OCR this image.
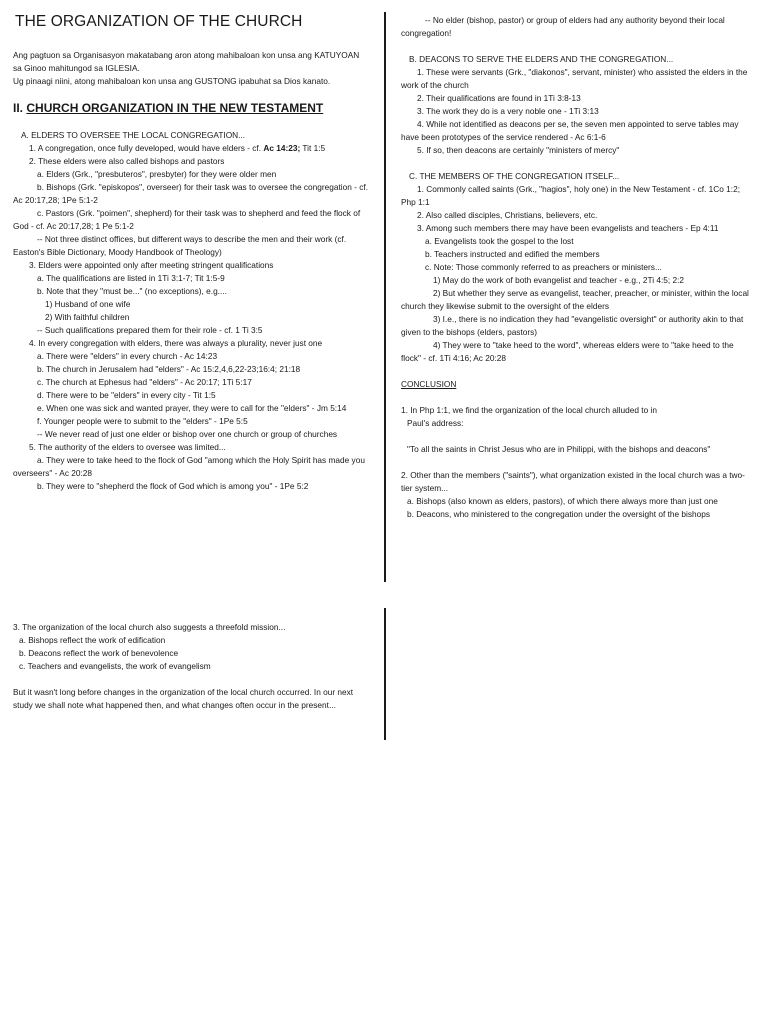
THE ORGANIZATION OF THE CHURCH

Ang pagtuon sa Organisasyon makatabang aron atong mahibaloan kon unsa ang KATUYOAN sa Ginoo mahitungod sa IGLESIA.

Ug pinaagi niini, atong mahibaloan kon unsa ang GUSTONG ipabuhat sa Dios kanato.

II. CHURCH ORGANIZATION IN THE NEW TESTAMENT
A. ELDERS TO OVERSEE THE LOCAL CONGREGATION...
1. A congregation, once fully developed, would have elders - cf. Ac 14:23; Tit 1:5
2. These elders were also called bishops and pastors
a. Elders (Grk., "presbuteros", presbyter) for they were older men
b. Bishops (Grk. "episkopos", overseer) for their task was to oversee the congregation - cf. Ac 20:17,28; 1Pe 5:1-2
c. Pastors (Grk. "poimen", shepherd) for their task was to shepherd and feed the flock of God - cf. Ac 20:17,28; 1 Pe 5:1-2
-- Not three distinct offices, but different ways to describe the men and their work (cf. Easton's Bible Dictionary, Moody Handbook of Theology)
3. Elders were appointed only after meeting stringent qualifications
a. The qualifications are listed in 1Ti 3:1-7; Tit 1:5-9
b. Note that they "must be..." (no exceptions), e.g....
1) Husband of one wife
2) With faithful children
-- Such qualifications prepared them for their role - cf. 1 Ti 3:5
4. In every congregation with elders, there was always a plurality, never just one
a. There were "elders" in every church - Ac 14:23
b. The church in Jerusalem had "elders" - Ac 15:2,4,6,22-23;16:4; 21:18
c. The church at Ephesus had "elders" - Ac 20:17; 1Ti 5:17
d. There were to be "elders" in every city - Tit 1:5
e. When one was sick and wanted prayer, they were to call for the "elders" - Jm 5:14
f. Younger people were to submit to the "elders" - 1Pe 5:5
-- We never read of just one elder or bishop over one church or group of churches
5. The authority of the elders to oversee was limited...
a. They were to take heed to the flock of God "among which the Holy Spirit has made you overseers" - Ac 20:28
b. They were to "shepherd the flock of God which is among you" - 1Pe 5:2
-- No elder (bishop, pastor) or group of elders had any authority beyond their local congregation!
B. DEACONS TO SERVE THE ELDERS AND THE CONGREGATION...
1. These were servants (Grk., "diakonos", servant, minister) who assisted the elders in the work of the church
2. Their qualifications are found in 1Ti 3:8-13
3. The work they do is a very noble one - 1Ti 3:13
4. While not identified as deacons per se, the seven men appointed to serve tables may have been prototypes of the service rendered - Ac 6:1-6
5. If so, then deacons are certainly "ministers of mercy"
C. THE MEMBERS OF THE CONGREGATION ITSELF...
1. Commonly called saints (Grk., "hagios", holy one) in the New Testament - cf. 1Co 1:2; Php 1:1
2. Also called disciples, Christians, believers, etc.
3. Among such members there may have been evangelists and teachers - Ep 4:11
a. Evangelists took the gospel to the lost
b. Teachers instructed and edified the members
c. Note: Those commonly referred to as preachers or ministers...
1) May do the work of both evangelist and teacher - e.g., 2Ti 4:5; 2:2
2) But whether they serve as evangelist, teacher, preacher, or minister, within the local church they likewise submit to the oversight of the elders
3) I.e., there is no indication they had "evangelistic oversight" or authority akin to that given to the bishops (elders, pastors)
4) They were to "take heed to the word", whereas elders were to "take heed to the flock" - cf. 1Ti 4:16; Ac 20:28
CONCLUSION
1. In Php 1:1, we find the organization of the local church alluded to in
Paul's address:
"To all the saints in Christ Jesus who are in Philippi, with the bishops and deacons"
2. Other than the members ("saints"), what organization existed in the local church was a two-tier system...
a. Bishops (also known as elders, pastors), of which there always more than just one
b. Deacons, who ministered to the congregation under the oversight of the bishops
3. The organization of the local church also suggests a threefold mission...
a. Bishops reflect the work of edification
b. Deacons reflect the work of benevolence
c. Teachers and evangelists, the work of evangelism
But it wasn't long before changes in the organization of the local church occurred. In our next study we shall note what happened then, and what changes often occur in the present...
